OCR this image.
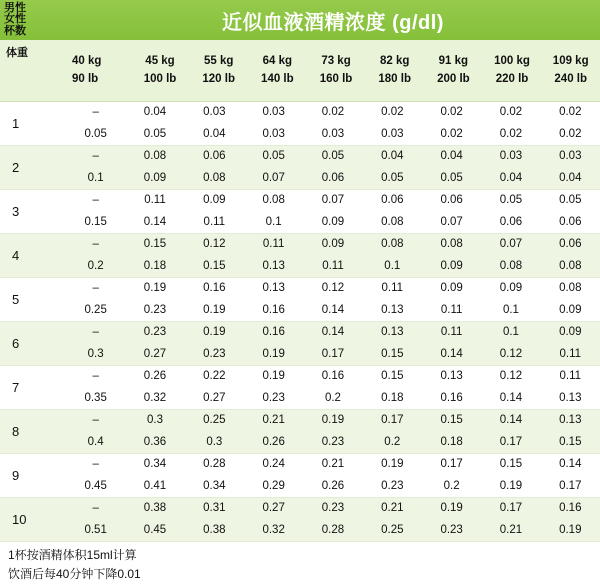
男性
女性
杯数	近似血液酒精浓度 (g/dl)
体重
40 kg
90 lb
45 kg
100 lb
55 kg
120 lb
64 kg
140 lb
73 kg
160 lb
82 kg
180 lb
91 kg
200 lb
100 kg
220 lb
109 kg
240 lb
1
–
0.05
0.04
0.05
0.03
0.04
0.03
0.03
0.02
0.03
0.02
0.03
0.02
0.02
0.02
0.02
0.02
0.02
2
–
0.1
0.08
0.09
0.06
0.08
0.05
0.07
0.05
0.06
0.04
0.05
0.04
0.05
0.03
0.04
0.03
0.04
3
–
0.15
0.11
0.14
0.09
0.11
0.08
0.1
0.07
0.09
0.06
0.08
0.06
0.07
0.05
0.06
0.05
0.06
4
–
0.2
0.15
0.18
0.12
0.15
0.11
0.13
0.09
0.11
0.08
0.1
0.08
0.09
0.07
0.08
0.06
0.08
5
–
0.25
0.19
0.23
0.16
0.19
0.13
0.16
0.12
0.14
0.11
0.13
0.09
0.11
0.09
0.1
0.08
0.09
6
–
0.3
0.23
0.27
0.19
0.23
0.16
0.19
0.14
0.17
0.13
0.15
0.11
0.14
0.1
0.12
0.09
0.11
7
–
0.35
0.26
0.32
0.22
0.27
0.19
0.23
0.16
0.2
0.15
0.18
0.13
0.16
0.12
0.14
0.11
0.13
8
–
0.4
0.3
0.36
0.25
0.3
0.21
0.26
0.19
0.23
0.17
0.2
0.15
0.18
0.14
0.17
0.13
0.15
9
–
0.45
0.34
0.41
0.28
0.34
0.24
0.29
0.21
0.26
0.19
0.23
0.17
0.2
0.15
0.19
0.14
0.17
10
–
0.51
0.38
0.45
0.31
0.38
0.27
0.32
0.23
0.28
0.21
0.25
0.19
0.23
0.17
0.21
0.16
0.19
1杯按酒精体积15ml计算
饮酒后每40分钟下降0.01
